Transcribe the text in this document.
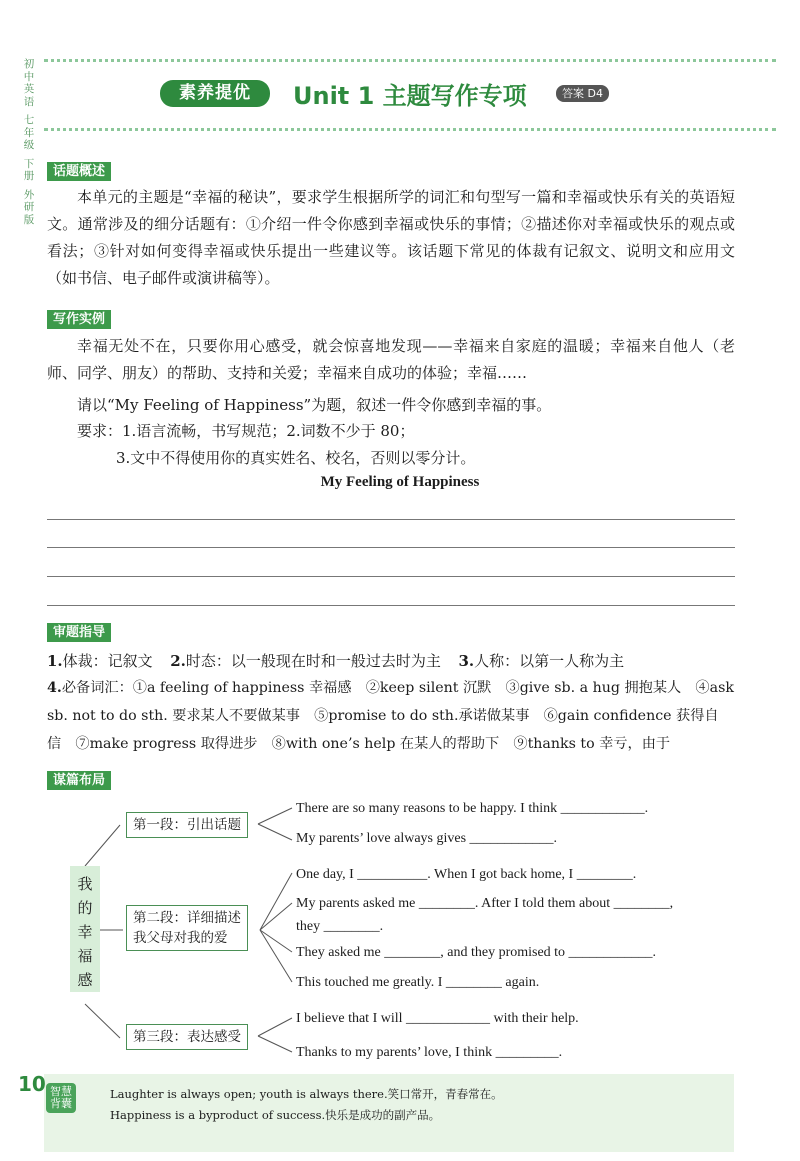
初中英语
七年级
下册
外研版
素养提优	Unit 1 主题写作专项	答案 D4
话题概述
本单元的主题是“幸福的秘诀”，要求学生根据所学的词汇和句型写一篇和幸福或快乐有关的英语短文。通常涉及的细分话题有：①介绍一件令你感到幸福或快乐的事情；②描述你对幸福或快乐的观点或看法；③针对如何变得幸福或快乐提出一些建议等。该话题下常见的体裁有记叙文、说明文和应用文（如书信、电子邮件或演讲稿等）。
写作实例
幸福无处不在，只要你用心感受，就会惊喜地发现——幸福来自家庭的温暖；幸福来自他人（老师、同学、朋友）的帮助、支持和关爱；幸福来自成功的体验；幸福……
请以“My Feeling of Happiness”为题，叙述一件令你感到幸福的事。
要求：1.语言流畅，书写规范；2.词数不少于 80；
3.文中不得使用你的真实姓名、校名，否则以零分计。
My Feeling of Happiness
审题指导
1.体裁：记叙文 2.时态：以一般现在时和一般过去时为主 3.人称：以第一人称为主
4.必备词汇：①a feeling of happiness 幸福感　②keep silent 沉默　③give sb. a hug 拥抱某人　④ask
sb. not to do sth. 要求某人不要做某事　⑤promise to do sth.承诺做某事　⑥gain confidence 获得自
信　⑦make progress 取得进步　⑧with one’s help 在某人的帮助下　⑨thanks to 幸亏，由于
谋篇布局
我的幸福感
第一段：引出话题
第二段：详细描述
我父母对我的爱
第三段：表达感受
There are so many reasons to be happy. I think ____________.
My parents’ love always gives ____________.
One day, I __________. When I got back home, I ________.
My parents asked me ________. After I told them about ________,
they ________.
They asked me ________, and they promised to ____________.
This touched me greatly. I ________ again.
I believe that I will ____________ with their help.
Thanks to my parents’ love, I think _________.
10 智慧背囊
Laughter is always open; youth is always there.笑口常开，青春常在。
Happiness is a byproduct of success.快乐是成功的副产品。
